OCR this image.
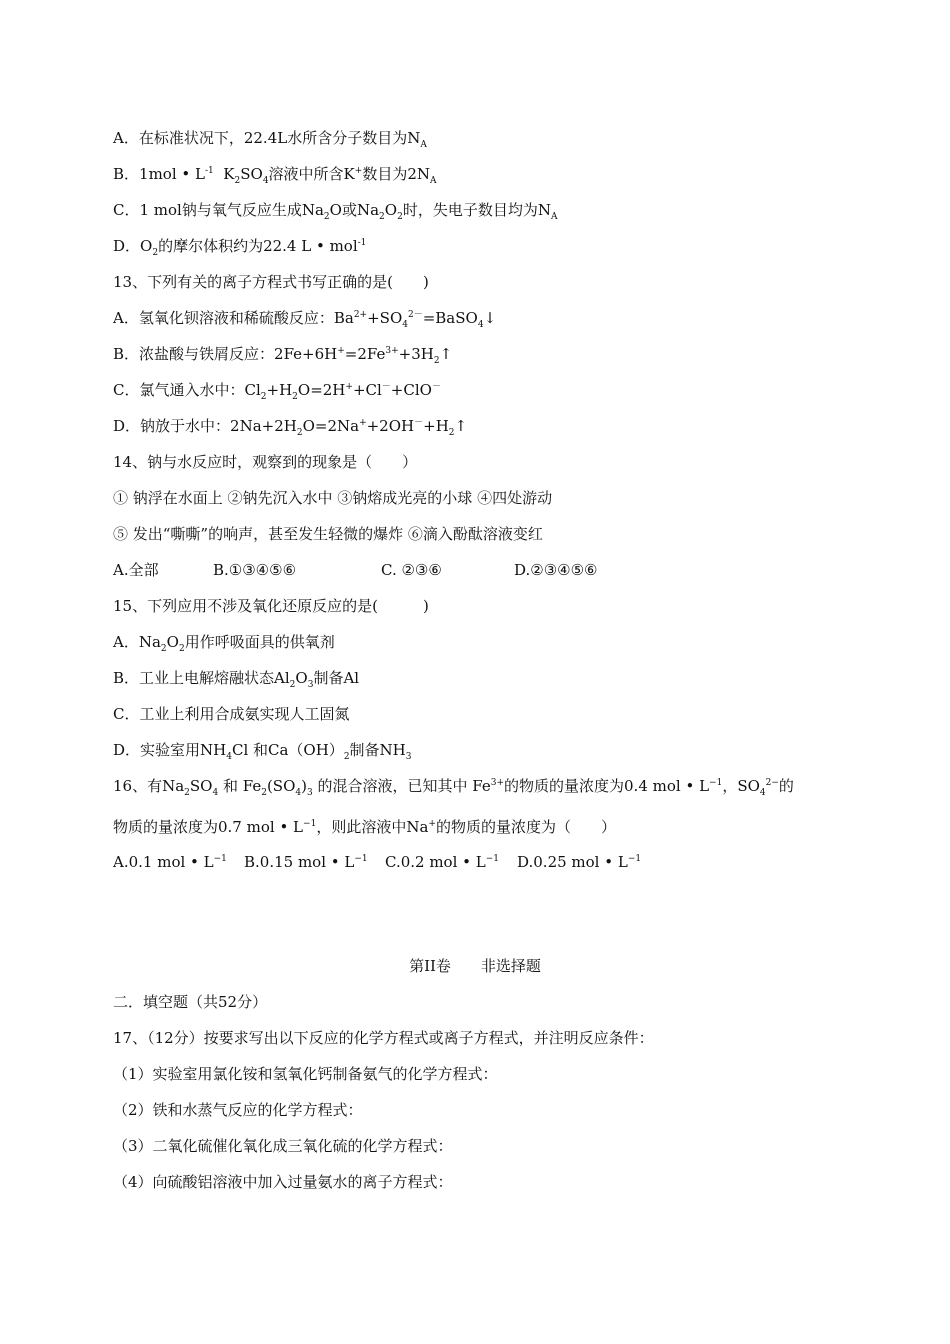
A．在标准状况下，22.4L水所含分子数目为$N_A$
B．1mol • $L^{-1}$  $K_2SO_4$溶液中所含K+数目为$2N_A$
C．1 mol钠与氧气反应生成$Na_2O$或$Na_2O_2$时，失电子数目均为$N_A$
D．$O_2$的摩尔体积约为22.4 L • mol$^{-1}$
13、下列有关的离子方程式书写正确的是(　　)
A．氢氧化钡溶液和稀硫酸反应：$Ba^{2+}+SO_4^{2-}=BaSO_4↓$
B．浓盐酸与铁屑反应：$2Fe+6H^+=2Fe^{3+}+3H_2↑$
C．氯气通入水中：$Cl_2+H_2O=2H^++Cl^-+ClO^-$
D．钠放于水中：$2Na+2H_2O=2Na^++2OH^-+H_2↑$
14、钠与水反应时，观察到的现象是（　　）
① 钠浮在水面上 ②钠先沉入水中 ③钠熔成光亮的小球 ④四处游动
⑤ 发出“嘶嘶”的响声，甚至发生轻微的爆炸 ⑥滴入酚酞溶液变红
A.全部	B.①③④⑤⑥	C. ②③⑥	D.②③④⑤⑥
15、下列应用不涉及氧化还原反应的是(　　　)
A．$Na_2O_2$用作呼吸面具的供氧剂
B．工业上电解熔融状态$Al_2O_3$制备Al
C．工业上利用合成氨实现人工固氮
D．实验室用$NH_4Cl$ 和$Ca(OH)_2$制备$NH_3$
16、有$Na_2SO_4$ 和 $Fe_2(SO_4)_3$ 的混合溶液，已知其中 $Fe^{3+}$的物质的量浓度为0.4 mol • $L^{-1}$，$SO_4^{2-}$的
物质的量浓度为0.7 mol • $L^{-1}$，则此溶液中Na+的物质的量浓度为（　　）
A.0.1 mol • $L^{-1}$ B.0.15 mol • $L^{-1}$ C.0.2 mol • $L^{-1}$ D.0.25 mol • $L^{-1}$
第II卷　　非选择题
二．填空题（共52分）
17、（12分）按要求写出以下反应的化学方程式或离子方程式，并注明反应条件：
（1）实验室用氯化铵和氢氧化钙制备氨气的化学方程式：
（2）铁和水蒸气反应的化学方程式：
（3）二氧化硫催化氧化成三氧化硫的化学方程式：
（4）向硫酸铝溶液中加入过量氨水的离子方程式：
